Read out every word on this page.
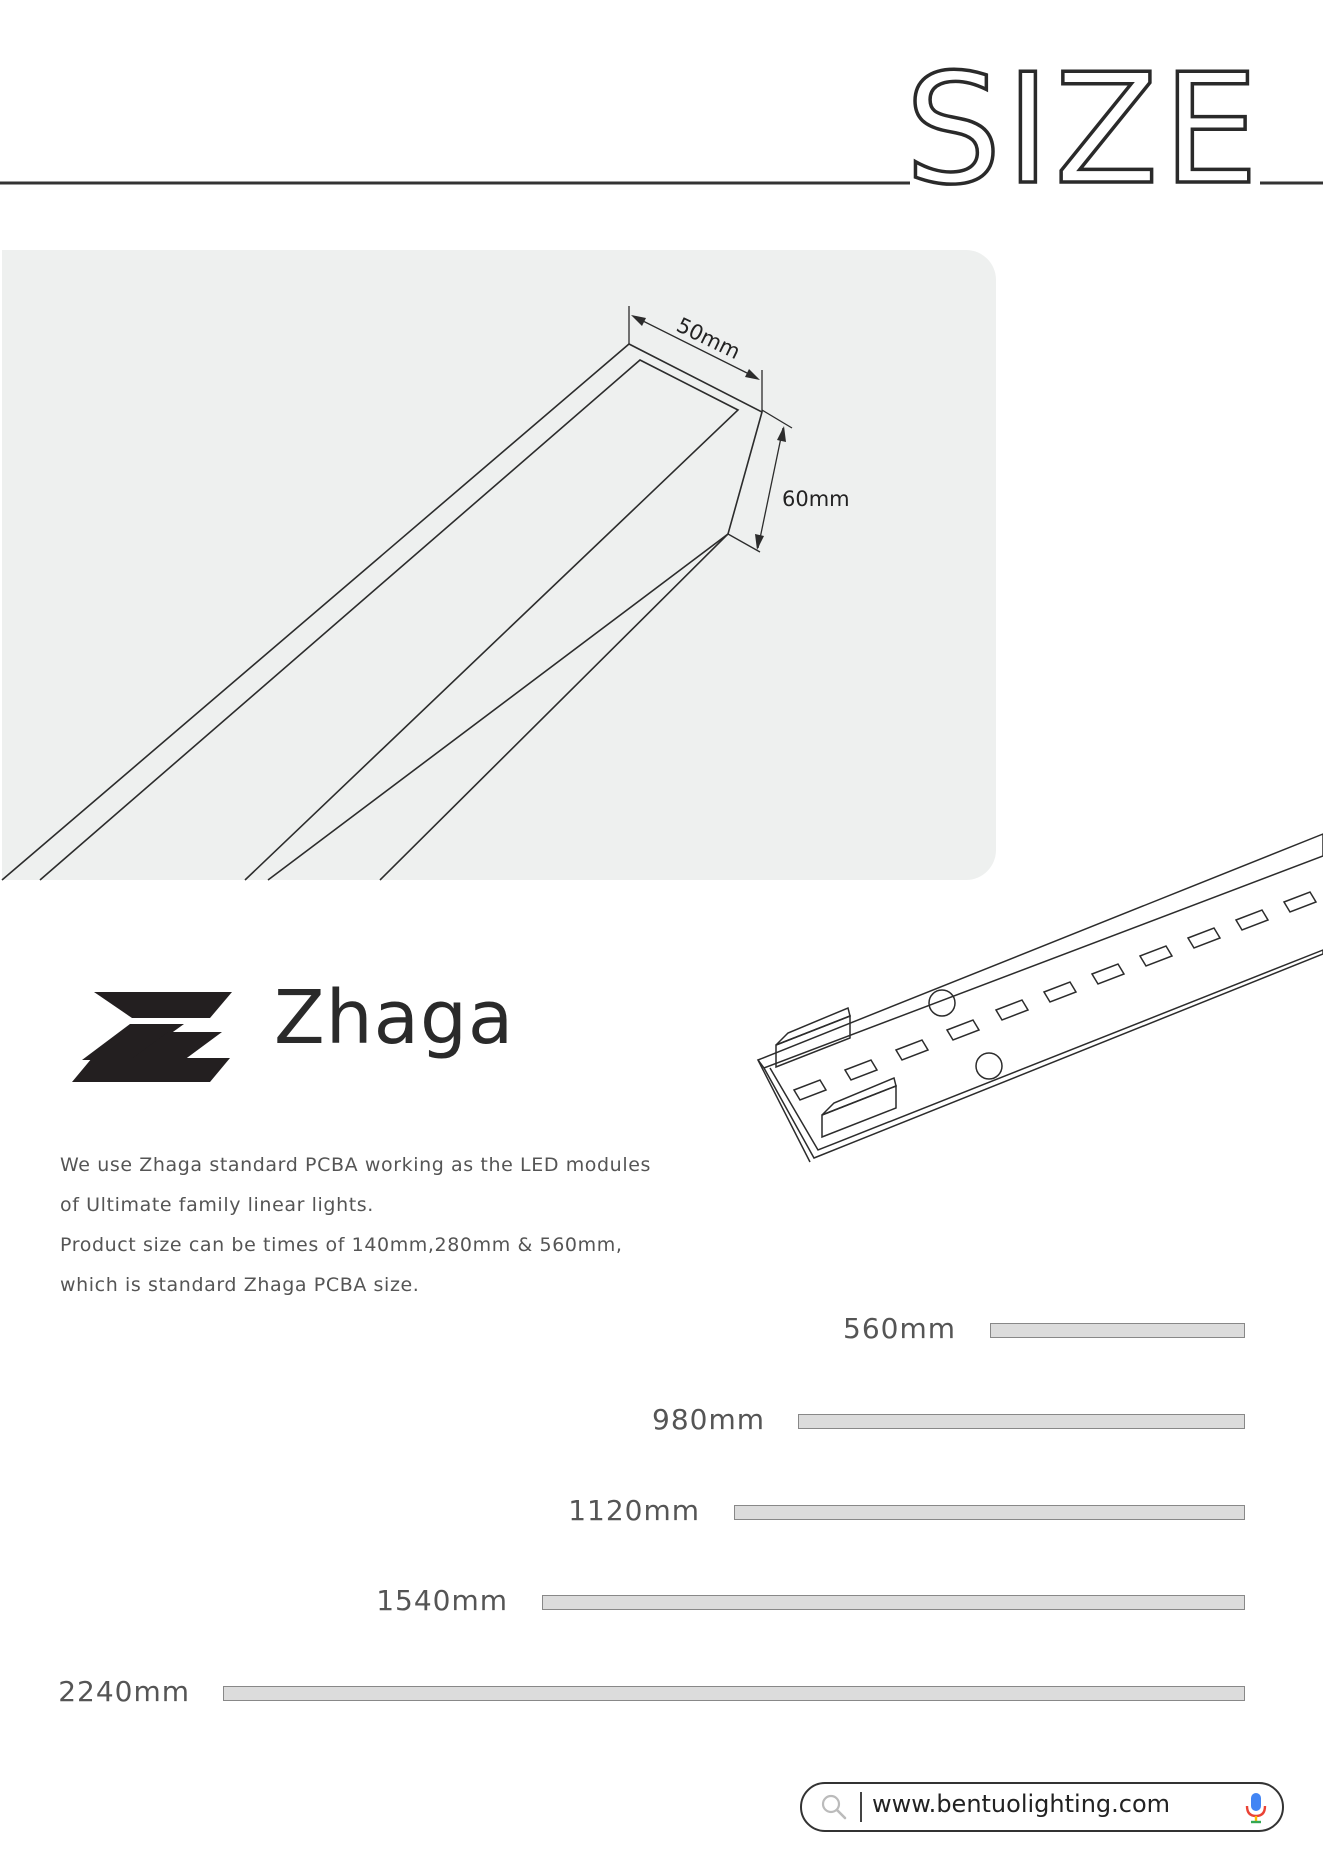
SIZE
50mm
60mm
Zhaga
We use Zhaga standard PCBA working as the LED modules
of Ultimate family linear lights.
Product size can be times of 140mm,280mm & 560mm,
which is standard Zhaga PCBA size.
560mm
980mm
1120mm
1540mm
2240mm
www.bentuolighting.com
